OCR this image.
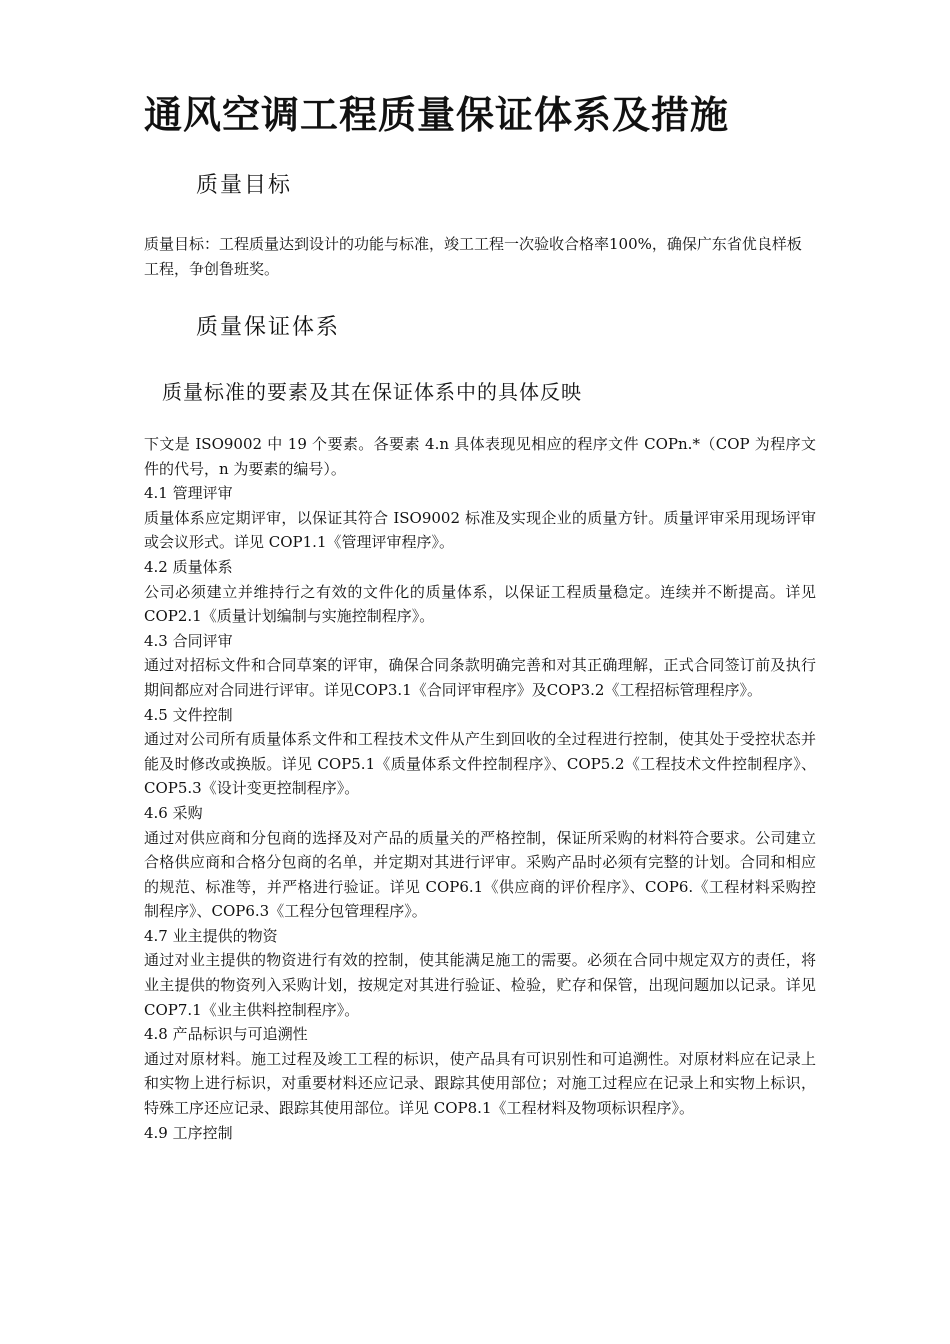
通风空调工程质量保证体系及措施
质量目标

质量目标：工程质量达到设计的功能与标准，竣工工程一次验收合格率100%，确保广东省优良样板工程，争创鲁班奖。

质量保证体系
质量标准的要素及其在保证体系中的具体反映

下文是 ISO9002 中 19 个要素。各要素 4.n 具体表现见相应的程序文件 COPn.*（COP 为程序文件的代号，n 为要素的编号）。

4.1 管理评审

质量体系应定期评审，以保证其符合 ISO9002 标准及实现企业的质量方针。质量评审采用现场评审或会议形式。详见 COP1.1《管理评审程序》。

4.2 质量体系

公司必须建立并维持行之有效的文件化的质量体系，以保证工程质量稳定。连续并不断提高。详见 COP2.1《质量计划编制与实施控制程序》。

4.3 合同评审

通过对招标文件和合同草案的评审，确保合同条款明确完善和对其正确理解，正式合同签订前及执行期间都应对合同进行评审。详见COP3.1《合同评审程序》及COP3.2《工程招标管理程序》。

4.5 文件控制

通过对公司所有质量体系文件和工程技术文件从产生到回收的全过程进行控制，使其处于受控状态并能及时修改或换版。详见 COP5.1《质量体系文件控制程序》、COP5.2《工程技术文件控制程序》、COP5.3《设计变更控制程序》。

4.6 采购

通过对供应商和分包商的选择及对产品的质量关的严格控制，保证所采购的材料符合要求。公司建立合格供应商和合格分包商的名单，并定期对其进行评审。采购产品时必须有完整的计划。合同和相应的规范、标准等，并严格进行验证。详见 COP6.1《供应商的评价程序》、COP6.《工程材料采购控制程序》、COP6.3《工程分包管理程序》。

4.7 业主提供的物资

通过对业主提供的物资进行有效的控制，使其能满足施工的需要。必须在合同中规定双方的责任，将业主提供的物资列入采购计划，按规定对其进行验证、检验，贮存和保管，出现问题加以记录。详见 COP7.1《业主供料控制程序》。

4.8 产品标识与可追溯性

通过对原材料。施工过程及竣工工程的标识，使产品具有可识别性和可追溯性。对原材料应在记录上和实物上进行标识，对重要材料还应记录、跟踪其使用部位；对施工过程应在记录上和实物上标识，特殊工序还应记录、跟踪其使用部位。详见 COP8.1《工程材料及物项标识程序》。

4.9 工序控制
